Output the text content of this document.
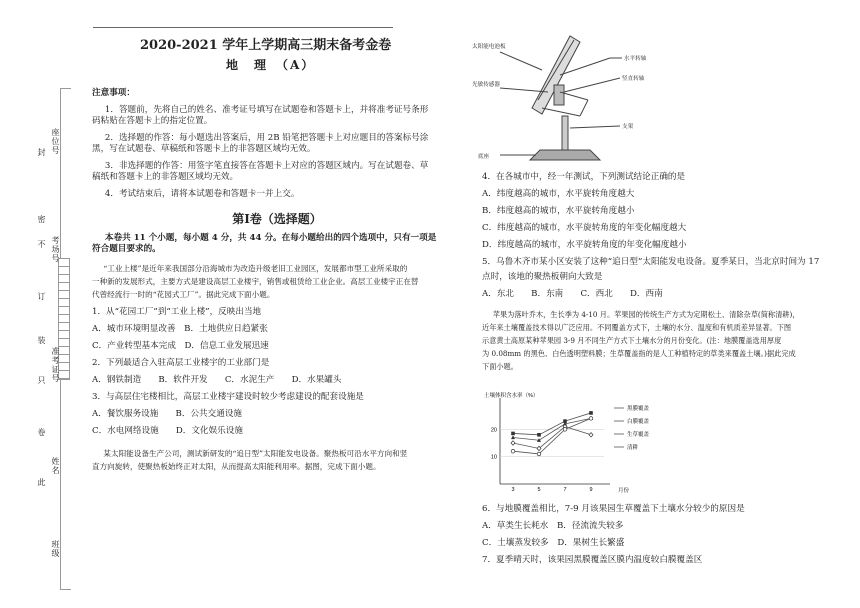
2020-2021 学年上学期高三期末备考金卷
地　理　（A）
座位号
考场号
准考证号
姓名
班级
封
密
不
订
装
只
卷
此

注意事项：

1．答题前，先将自己的姓名、准考证号填写在试题卷和答题卡上，并将准考证号条形

码粘贴在答题卡上的指定位置。

2．选择题的作答：每小题选出答案后，用 2B 铅笔把答题卡上对应题目的答案标号涂

黑，写在试题卷、草稿纸和答题卡上的非答题区域均无效。

3．非选择题的作答：用签字笔直接答在答题卡上对应的答题区域内。写在试题卷、草

稿纸和答题卡上的非答题区域均无效。

4．考试结束后，请将本试题卷和答题卡一并上交。

第Ⅰ卷（选择题）

本卷共 11 个小题，每小题 4 分，共 44 分。在每小题给出的四个选项中，只有一项是

符合题目要求的。

“工业上楼”是近年来我国部分沿海城市为改造升级老旧工业园区，发展都市型工业所采取的

一种新的发展形式，主要方式是建设高层工业楼宇，销售或租赁给工业企业。高层工业楼宇正在替

代曾经流行一时的“花园式工厂”。据此完成下面小题。

1．从“花园工厂”到“工业上楼”，反映出当地

A．城市环境明显改善　B．土地供应日趋紧张

C．产业转型基本完成　D．信息工业发展迅速

2．下列最适合入驻高层工业楼宇的工业部门是

A．钢铁制造　　B．软件开发　　C．水泥生产　　D．水果罐头

3．与高层住宅楼相比，高层工业楼宇建设时较少考虑建设的配套设施是

A．餐饮服务设施　　B．公共交通设施

C．水电网络设施　　D．文化娱乐设施

某太阳能设备生产公司，测试新研发的“追日型”太阳能发电设备。聚热板可沿水平方向和竖

直方向旋转，使聚热板始终正对太阳，从而提高太阳能利用率。据图，完成下面小题。

太阳能电池板
水平转轴
光敏传感器
竖直转轴
底座
支架

4．在各城市中，经一年测试，下列测试结论正确的是

A．纬度越高的城市，水平旋转角度越大

B．纬度越高的城市，水平旋转角度越小

C．纬度越高的城市，水平旋转角度的年变化幅度越大

D．纬度越高的城市，水平旋转角度的年变化幅度越小

5．乌鲁木齐市某小区安装了这种“追日型”太阳能发电设备。夏季某日，当北京时间为 17

点时，该地的聚热板朝向大致是

A．东北　　B．东南　　C．西北　　D．西南

苹果为落叶乔木，生长季为 4-10 月。苹果园的传统生产方式为定期松土、清除杂草(简称清耕)，

近年来土壤覆盖技术得以广泛应用。不同覆盖方式下，土壤的水分、温度和有机质差异显著。下图

示意黄土高原某种苹果园 3-9 月不同生产方式下土壤水分的月份变化。(注：地膜覆盖选用厚度

为 0.08mm 的黑色、白色透明塑料膜；生草覆盖指的是人工种植特定的草类来覆盖土壤。)据此完成

下面小题。

土壤体积含水率（%）
月份
10
20
3	5	7	9
黑膜覆盖
白膜覆盖
生草覆盖
清耕

6．与地膜覆盖相比，7-9 月该果园生草覆盖下土壤水分较少的原因是

A．草类生长耗水　B．径流流失较多

C．土壤蒸发较多　D．果树生长繁盛

7．夏季晴天时，该果园黑膜覆盖区膜内温度较白膜覆盖区
